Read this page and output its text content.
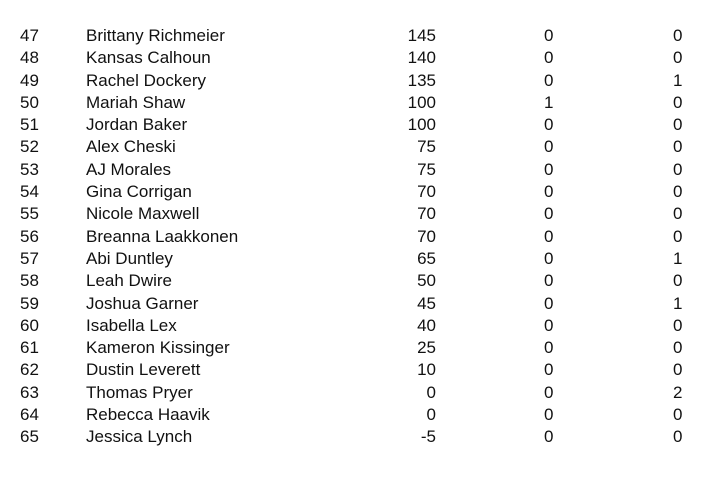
47	Brittany Richmeier	145	0	0
48	Kansas Calhoun	140	0	0
49	Rachel Dockery	135	0	1
50	Mariah Shaw	100	1	0
51	Jordan Baker	100	0	0
52	Alex Cheski	75	0	0
53	AJ Morales	75	0	0
54	Gina Corrigan	70	0	0
55	Nicole Maxwell	70	0	0
56	Breanna Laakkonen	70	0	0
57	Abi Duntley	65	0	1
58	Leah Dwire	50	0	0
59	Joshua Garner	45	0	1
60	Isabella Lex	40	0	0
61	Kameron Kissinger	25	0	0
62	Dustin Leverett	10	0	0
63	Thomas Pryer	0	0	2
64	Rebecca Haavik	0	0	0
65	Jessica Lynch	-5	0	0
